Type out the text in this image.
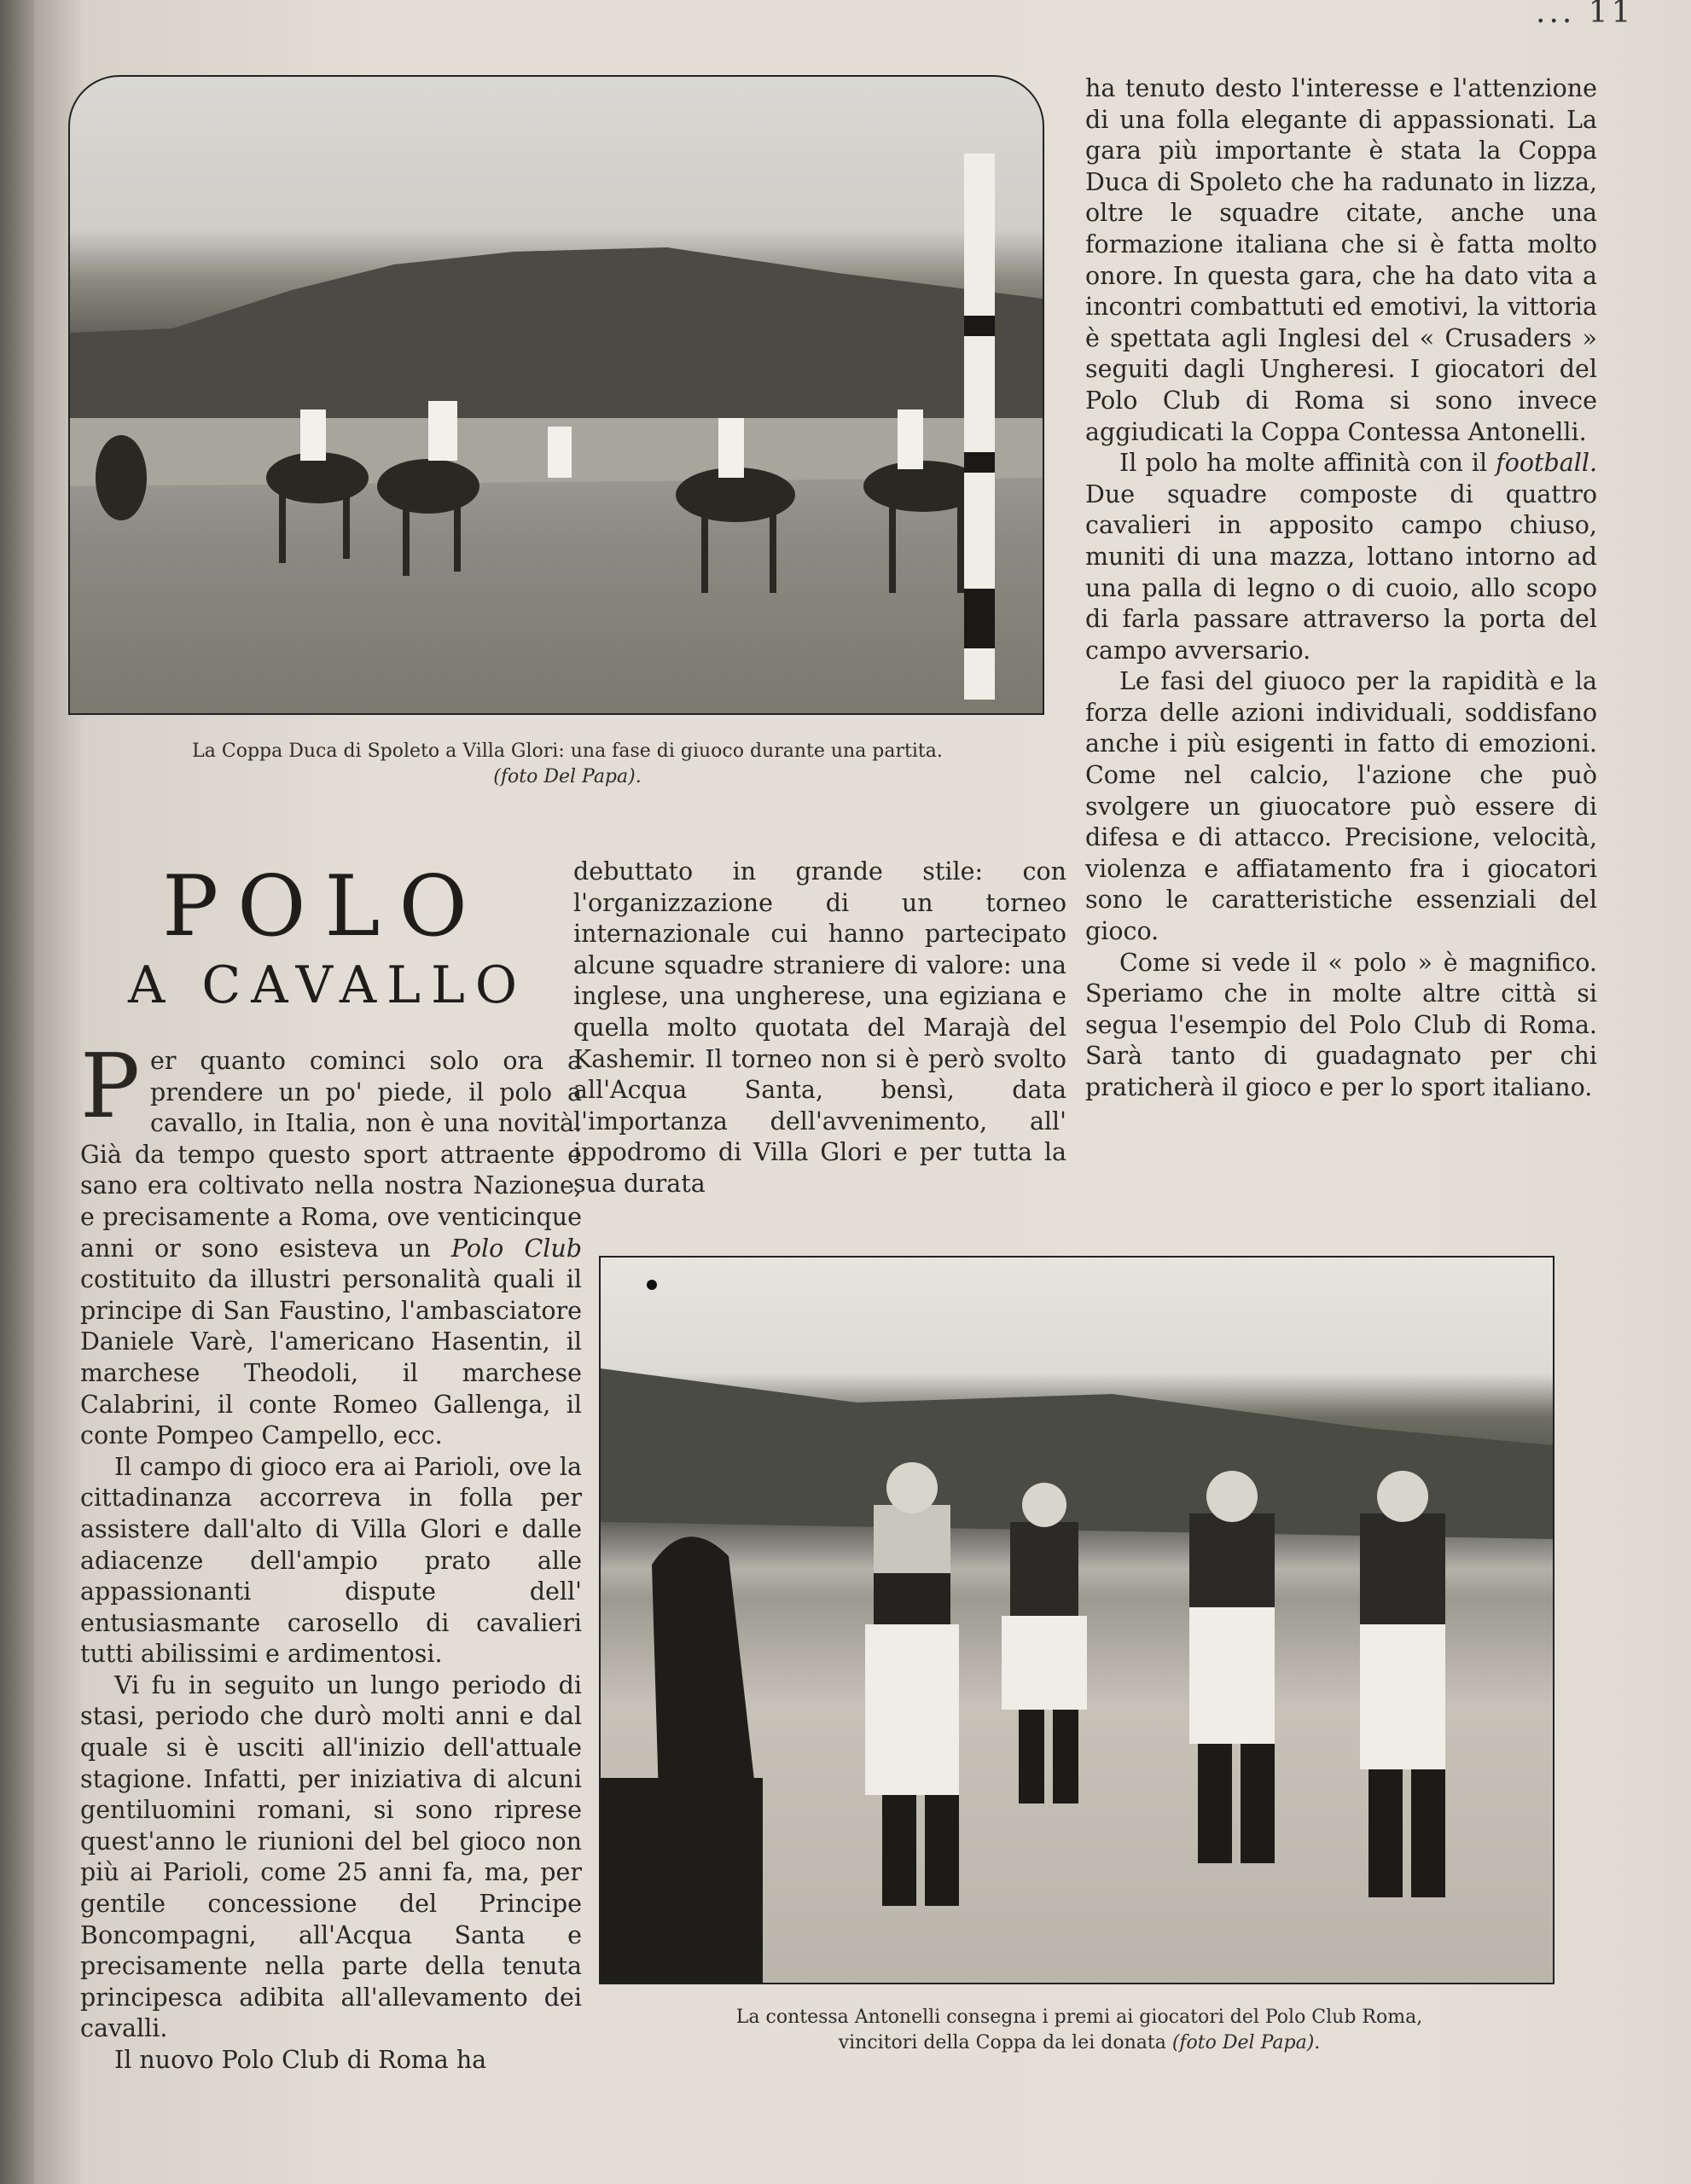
... 11
La Coppa Duca di Spoleto a Villa Glori: una fase di giuoco durante una partita.
(foto Del Papa).
POLO
A CAVALLO

Per quanto cominci solo ora a prendere un po' piede, il polo a cavallo, in Italia, non è una novità. Già da tempo questo sport attraente e sano era coltivato nella nostra Nazione, e precisamente a Roma, ove venticinque anni or sono esisteva un Polo Club costituito da illustri personalità quali il principe di San Faustino, l'ambasciatore Daniele Varè, l'americano Hasentin, il marchese Theodoli, il marchese Calabrini, il conte Romeo Gallenga, il conte Pompeo Campello, ecc.

Il campo di gioco era ai Parioli, ove la cittadinanza accorreva in folla per assistere dall'alto di Villa Glori e dalle adiacenze dell'ampio prato alle appassionanti dispute dell' entusiasmante carosello di cavalieri tutti abilissimi e ardimentosi.

Vi fu in seguito un lungo periodo di stasi, periodo che durò molti anni e dal quale si è usciti all'inizio dell'attuale stagione. Infatti, per iniziativa di alcuni gentiluomini romani, si sono riprese quest'anno le riunioni del bel gioco non più ai Parioli, come 25 anni fa, ma, per gentile concessione del Principe Boncompagni, all'Acqua Santa e precisamente nella parte della tenuta principesca adibita all'allevamento dei cavalli.

Il nuovo Polo Club di Roma ha

debuttato in grande stile: con l'organizzazione di un torneo internazionale cui hanno partecipato alcune squadre straniere di valore: una inglese, una ungherese, una egiziana e quella molto quotata del Marajà del Kashemir. Il torneo non si è però svolto all'Acqua Santa, bensì, data l'importanza dell'avvenimento, all' ippodromo di Villa Glori e per tutta la sua durata

ha tenuto desto l'interesse e l'attenzione di una folla elegante di appassionati. La gara più importante è stata la Coppa Duca di Spoleto che ha radunato in lizza, oltre le squadre citate, anche una formazione italiana che si è fatta molto onore. In questa gara, che ha dato vita a incontri combattuti ed emotivi, la vittoria è spettata agli Inglesi del « Crusaders » seguiti dagli Ungheresi. I giocatori del Polo Club di Roma si sono invece aggiudicati la Coppa Contessa Antonelli.

Il polo ha molte affinità con il football. Due squadre composte di quattro cavalieri in apposito campo chiuso, muniti di una mazza, lottano intorno ad una palla di legno o di cuoio, allo scopo di farla passare attraverso la porta del campo avversario.

Le fasi del giuoco per la rapidità e la forza delle azioni individuali, soddisfano anche i più esigenti in fatto di emozioni. Come nel calcio, l'azione che può svolgere un giuocatore può essere di difesa e di attacco. Precisione, velocità, violenza e affiatamento fra i giocatori sono le caratteristiche essenziali del gioco.

Come si vede il « polo » è magnifico. Speriamo che in molte altre città si segua l'esempio del Polo Club di Roma. Sarà tanto di guadagnato per chi praticherà il gioco e per lo sport italiano.

La contessa Antonelli consegna i premi ai giocatori del Polo Club Roma,
vincitori della Coppa da lei donata (foto Del Papa).
